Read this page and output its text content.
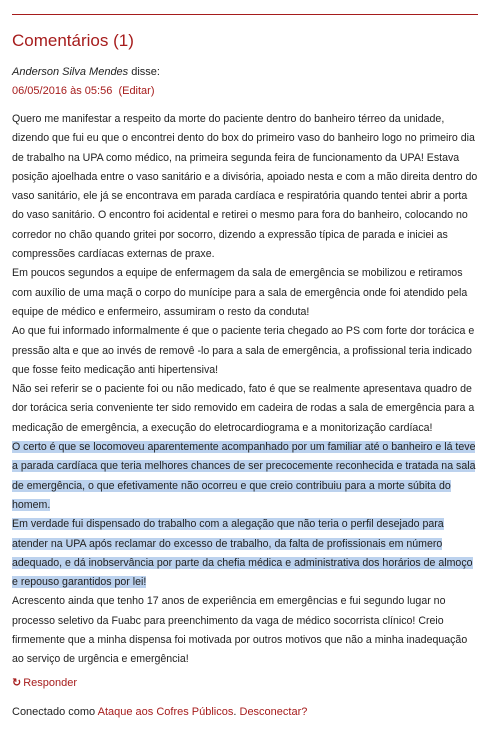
Comentários (1)
Anderson Silva Mendes disse:
06/05/2016 às 05:56 (Editar)

Quero me manifestar a respeito da morte do paciente dentro do banheiro térreo da unidade, dizendo que fui eu que o encontrei dento do box do primeiro vaso do banheiro logo no primeiro dia de trabalho na UPA como médico, na primeira segunda feira de funcionamento da UPA! Estava posição ajoelhada entre o vaso sanitário e a divisória, apoiado nesta e com a mão direita dentro do vaso sanitário, ele já se encontrava em parada cardíaca e respiratória quando tentei abrir a porta do vaso sanitário. O encontro foi acidental e retirei o mesmo para fora do banheiro, colocando no corredor no chão quando gritei por socorro, dizendo a expressão típica de parada e iniciei as compressões cardíacas externas de praxe.

Em poucos segundos a equipe de enfermagem da sala de emergência se mobilizou e retiramos com auxílio de uma maçã o corpo do munícipe para a sala de emergência onde foi atendido pela equipe de médico e enfermeiro, assumiram o resto da conduta!

Ao que fui informado informalmente é que o paciente teria chegado ao PS com forte dor torácica e pressão alta e que ao invés de removê -lo para a sala de emergência, a profissional teria indicado que fosse feito medicação anti hipertensiva!

Não sei referir se o paciente foi ou não medicado, fato é que se realmente apresentava quadro de dor torácica seria conveniente ter sido removido em cadeira de rodas a sala de emergência para a medicação de emergência, a execução do eletrocardiograma e a monitorização cardíaca!

O certo é que se locomoveu aparentemente acompanhado por um familiar até o banheiro e lá teve a parada cardíaca que teria melhores chances de ser precocemente reconhecida e tratada na sala de emergência, o que efetivamente não ocorreu e que creio contribuiu para a morte súbita do homem.

Em verdade fui dispensado do trabalho com a alegação que não teria o perfil desejado para atender na UPA após reclamar do excesso de trabalho, da falta de profissionais em número adequado, e dá inobservância por parte da chefia médica e administrativa dos horários de almoço e repouso garantidos por lei!

Acrescento ainda que tenho 17 anos de experiência em emergências e fui segundo lugar no processo seletivo da Fuabc para preenchimento da vaga de médico socorrista clínico! Creio firmemente que a minha dispensa foi motivada por outros motivos que não a minha inadequação ao serviço de urgência e emergência!

↻ Responder
Conectado como Ataque aos Cofres Públicos. Desconectar?
